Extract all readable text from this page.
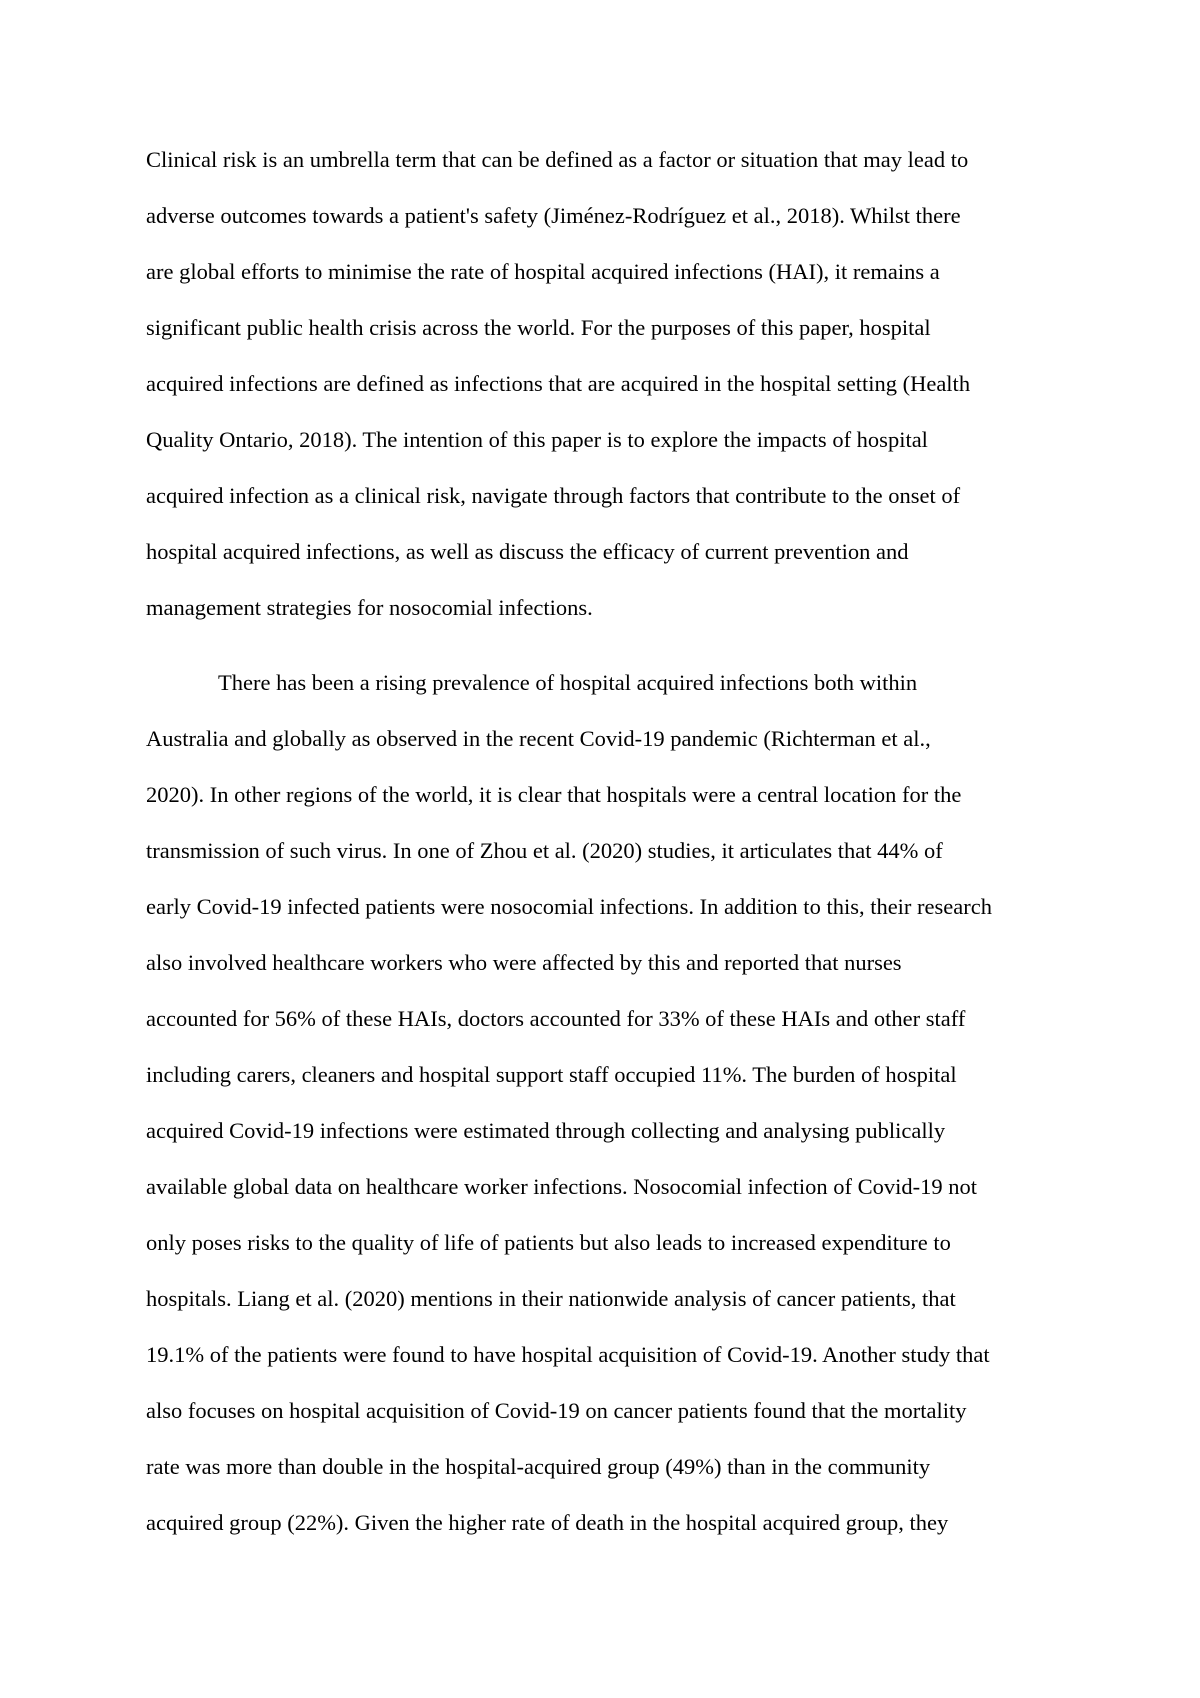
Clinical risk is an umbrella term that can be defined as a factor or situation that may lead to
adverse outcomes towards a patient's safety (Jiménez-Rodríguez et al., 2018). Whilst there
are global efforts to minimise the rate of hospital acquired infections (HAI), it remains a
significant public health crisis across the world. For the purposes of this paper, hospital
acquired infections are defined as infections that are acquired in the hospital setting (Health
Quality Ontario, 2018). The intention of this paper is to explore the impacts of hospital
acquired infection as a clinical risk, navigate through factors that contribute to the onset of
hospital acquired infections, as well as discuss the efficacy of current prevention and
management strategies for nosocomial infections.
There has been a rising prevalence of hospital acquired infections both within
Australia and globally as observed in the recent Covid-19 pandemic (Richterman et al.,
2020). In other regions of the world, it is clear that hospitals were a central location for the
transmission of such virus. In one of Zhou et al. (2020) studies, it articulates that 44% of
early Covid-19 infected patients were nosocomial infections. In addition to this, their research
also involved healthcare workers who were affected by this and reported that nurses
accounted for 56% of these HAIs, doctors accounted for 33% of these HAIs and other staff
including carers, cleaners and hospital support staff occupied 11%. The burden of hospital
acquired Covid-19 infections were estimated through collecting and analysing publically
available global data on healthcare worker infections. Nosocomial infection of Covid-19 not
only poses risks to the quality of life of patients but also leads to increased expenditure to
hospitals. Liang et al. (2020) mentions in their nationwide analysis of cancer patients, that
19.1% of the patients were found to have hospital acquisition of Covid-19. Another study that
also focuses on hospital acquisition of Covid-19 on cancer patients found that the mortality
rate was more than double in the hospital-acquired group (49%) than in the community
acquired group (22%). Given the higher rate of death in the hospital acquired group, they
